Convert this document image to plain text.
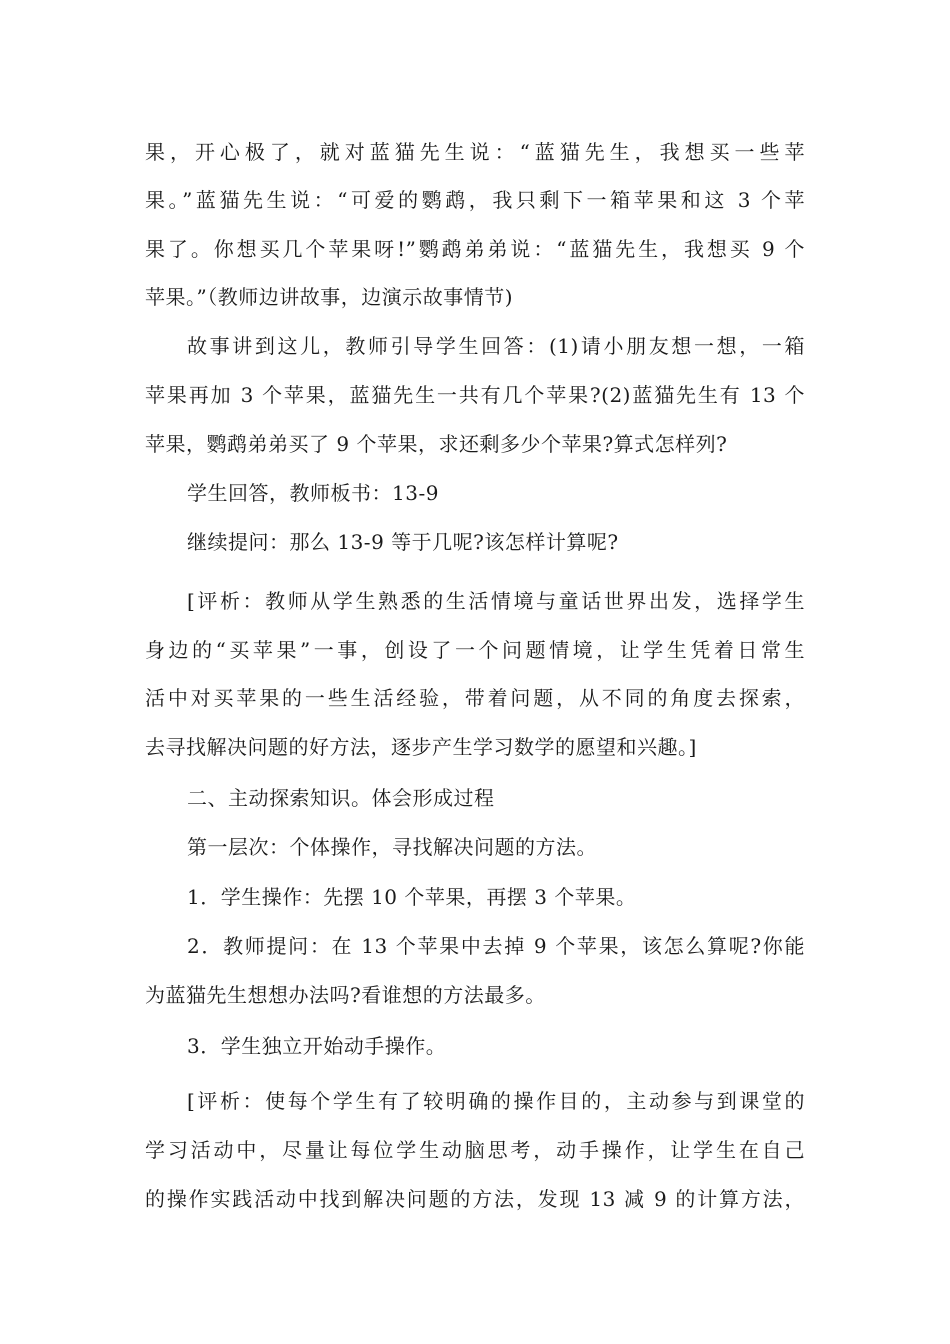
果，开心极了，就对蓝猫先生说：“蓝猫先生，我想买一些苹
果。”蓝猫先生说：“可爱的鹦鹉，我只剩下一箱苹果和这 3 个苹
果了。你想买几个苹果呀!”鹦鹉弟弟说：“蓝猫先生，我想买 9 个
苹果。”（教师边讲故事，边演示故事情节)
故事讲到这儿，教师引导学生回答：(1)请小朋友想一想，一箱
苹果再加 3 个苹果，蓝猫先生一共有几个苹果?(2)蓝猫先生有 13 个
苹果，鹦鹉弟弟买了 9 个苹果，求还剩多少个苹果?算式怎样列?
学生回答，教师板书：13-9
继续提问：那么 13-9 等于几呢?该怎样计算呢?
[评析：教师从学生熟悉的生活情境与童话世界出发，选择学生
身边的“买苹果”一事，创设了一个问题情境，让学生凭着日常生
活中对买苹果的一些生活经验，带着问题，从不同的角度去探索，
去寻找解决问题的好方法，逐步产生学习数学的愿望和兴趣。]
二、主动探索知识。体会形成过程
第一层次：个体操作，寻找解决问题的方法。
1．学生操作：先摆 10 个苹果，再摆 3 个苹果。
2．教师提问：在 13 个苹果中去掉 9 个苹果，该怎么算呢?你能
为蓝猫先生想想办法吗?看谁想的方法最多。
3．学生独立开始动手操作。
[评析：使每个学生有了较明确的操作目的，主动参与到课堂的
学习活动中，尽量让每位学生动脑思考，动手操作，让学生在自己
的操作实践活动中找到解决问题的方法，发现 13 减 9 的计算方法，
